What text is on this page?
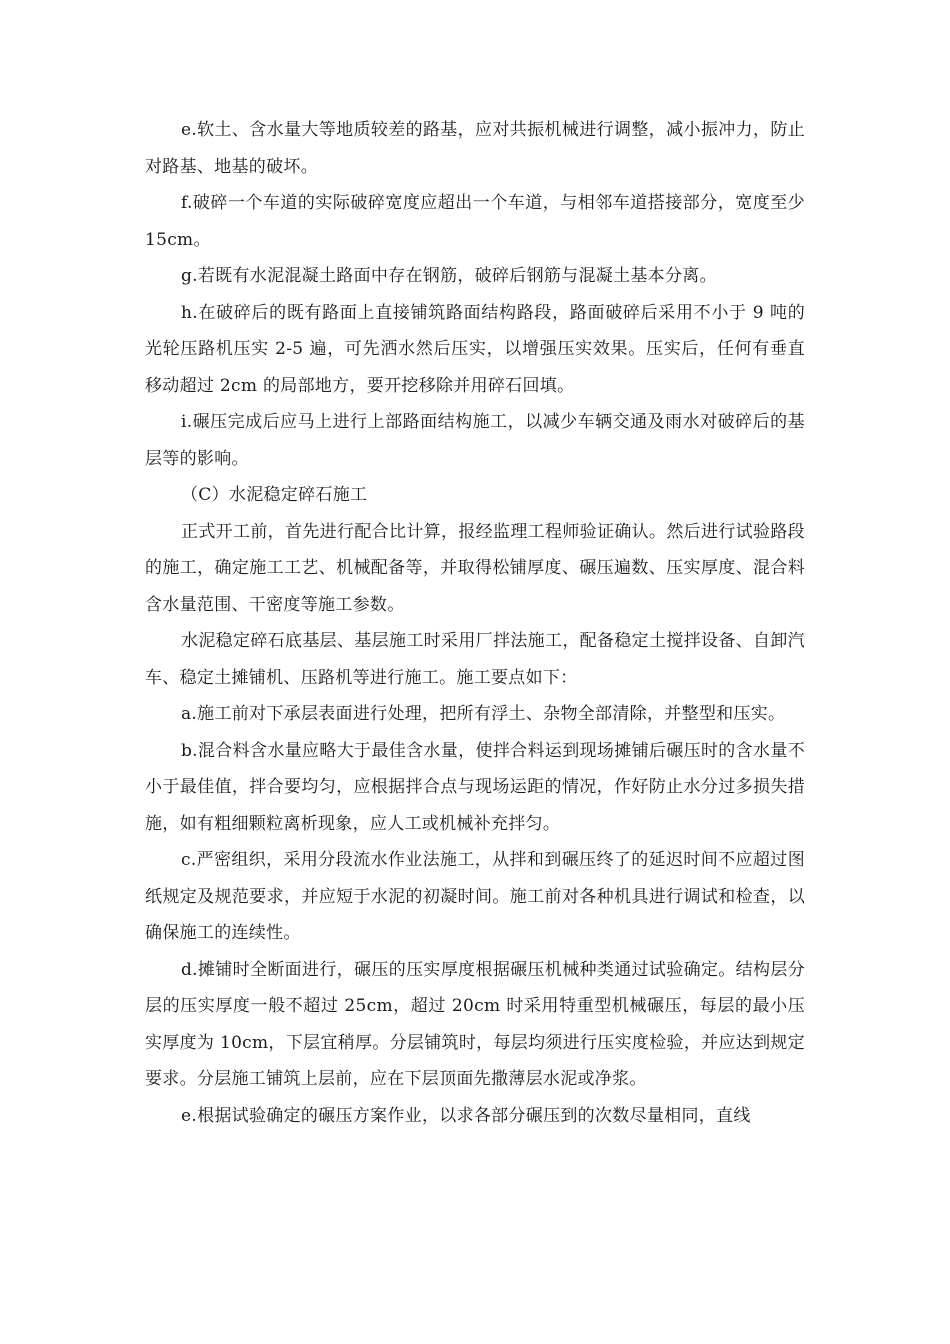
e.软土、含水量大等地质较差的路基，应对共振机械进行调整，减小振冲力，防止对路基、地基的破坏。

f.破碎一个车道的实际破碎宽度应超出一个车道，与相邻车道搭接部分，宽度至少 15cm。

g.若既有水泥混凝土路面中存在钢筋，破碎后钢筋与混凝土基本分离。

h.在破碎后的既有路面上直接铺筑路面结构路段，路面破碎后采用不小于 9 吨的光轮压路机压实 2-5 遍，可先洒水然后压实，以增强压实效果。压实后，任何有垂直移动超过 2cm 的局部地方，要开挖移除并用碎石回填。

i.碾压完成后应马上进行上部路面结构施工，以减少车辆交通及雨水对破碎后的基层等的影响。

（C）水泥稳定碎石施工

正式开工前，首先进行配合比计算，报经监理工程师验证确认。然后进行试验路段的施工，确定施工工艺、机械配备等，并取得松铺厚度、碾压遍数、压实厚度、混合料含水量范围、干密度等施工参数。

水泥稳定碎石底基层、基层施工时采用厂拌法施工，配备稳定土搅拌设备、自卸汽车、稳定土摊铺机、压路机等进行施工。施工要点如下：

a.施工前对下承层表面进行处理，把所有浮土、杂物全部清除，并整型和压实。

b.混合料含水量应略大于最佳含水量，使拌合料运到现场摊铺后碾压时的含水量不小于最佳值，拌合要均匀，应根据拌合点与现场运距的情况，作好防止水分过多损失措施，如有粗细颗粒离析现象，应人工或机械补充拌匀。

c.严密组织，采用分段流水作业法施工，从拌和到碾压终了的延迟时间不应超过图纸规定及规范要求，并应短于水泥的初凝时间。施工前对各种机具进行调试和检查，以确保施工的连续性。

d.摊铺时全断面进行，碾压的压实厚度根据碾压机械种类通过试验确定。结构层分层的压实厚度一般不超过 25cm，超过 20cm 时采用特重型机械碾压，每层的最小压实厚度为 10cm，下层宜稍厚。分层铺筑时，每层均须进行压实度检验，并应达到规定要求。分层施工铺筑上层前，应在下层顶面先撒薄层水泥或净浆。

e.根据试验确定的碾压方案作业，以求各部分碾压到的次数尽量相同，直线
